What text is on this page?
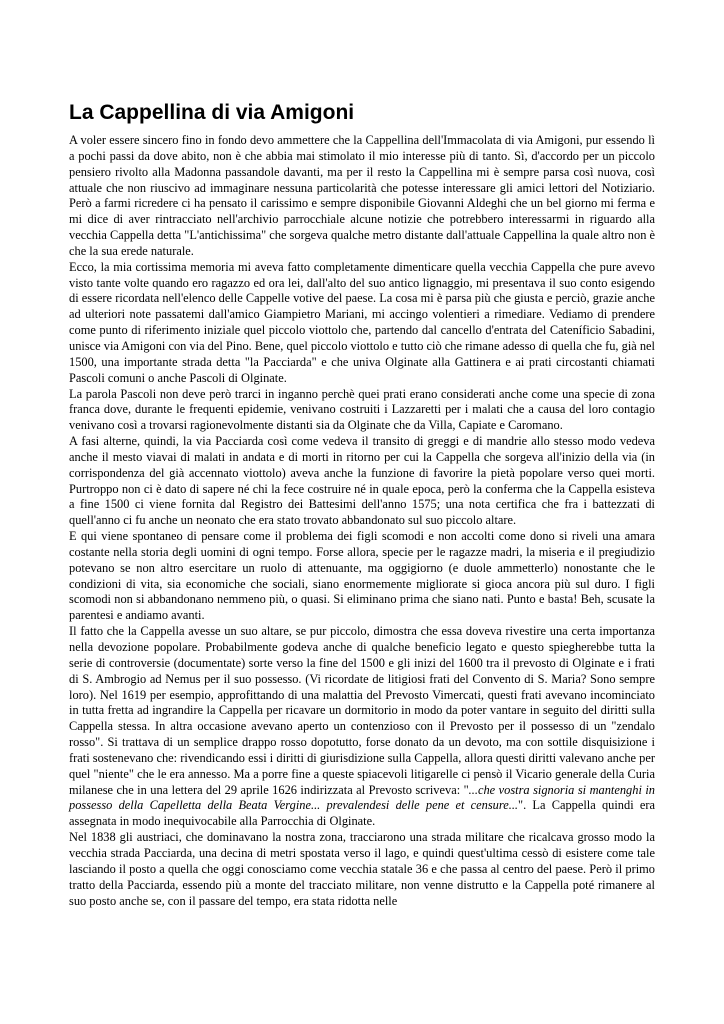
La Cappellina di via Amigoni

A voler essere sincero fino in fondo devo ammettere che la Cappellina dell'Immacolata di via Amigoni, pur essendo lì a pochi passi da dove abito, non è che abbia mai stimolato il mio interesse più di tanto. Sì, d'accordo per un piccolo pensiero rivolto alla Madonna passandole davanti, ma per il resto la Cappellina mi è sempre parsa così nuova, così attuale che non riuscivo ad immaginare nessuna particolarità che potesse interessare gli amici lettori del Notiziario. Però a farmi ricredere ci ha pensato il carissimo e sempre disponibile Giovanni Aldeghi che un bel giorno mi ferma e mi dice di aver rintracciato nell'archivio parrocchiale alcune notizie che potrebbero interessarmi in riguardo alla vecchia Cappella detta "L'antichissima" che sorgeva qualche metro distante dall'attuale Cappellina la quale altro non è che la sua erede naturale.

Ecco, la mia cortissima memoria mi aveva fatto completamente dimenticare quella vecchia Cappella che pure avevo visto tante volte quando ero ragazzo ed ora lei, dall'alto del suo antico lignaggio, mi presentava il suo conto esigendo di essere ricordata nell'elenco delle Cappelle votive del paese. La cosa mi è parsa più che giusta e perciò, grazie anche ad ulteriori note passatemi dall'amico Giampietro Mariani, mi accingo volentieri a rimediare. Vediamo di prendere come punto di riferimento iniziale quel piccolo viottolo che, partendo dal cancello d'entrata del Cateníficio Sabadini, unisce via Amigoni con via del Pino. Bene, quel piccolo viottolo e tutto ciò che rimane adesso di quella che fu, già nel 1500, una importante strada detta "la Pacciarda" e che univa Olginate alla Gattinera e ai prati circostanti chiamati Pascoli comuni o anche Pascoli di Olginate.

La parola Pascoli non deve però trarci in inganno perchè quei prati erano considerati anche come una specie di zona franca dove, durante le frequenti epidemie, venivano costruiti i Lazzaretti per i malati che a causa del loro contagio venivano così a trovarsi ragionevolmente distanti sia da Olginate che da Villa, Capiate e Caromano.

A fasi alterne, quindi, la via Pacciarda così come vedeva il transito di greggi e di mandrie allo stesso modo vedeva anche il mesto viavai di malati in andata e di morti in ritorno per cui la Cappella che sorgeva all'inizio della via (in corrispondenza del già accennato viottolo) aveva anche la funzione di favorire la pietà popolare verso quei morti. Purtroppo non ci è dato di sapere né chi la fece costruire né in quale epoca, però la conferma che la Cappella esisteva a fine 1500 ci viene fornita dal Registro dei Battesimi dell'anno 1575; una nota certifica che fra i battezzati di quell'anno ci fu anche un neonato che era stato trovato abbandonato sul suo piccolo altare.

E qui viene spontaneo di pensare come il problema dei figli scomodi e non accolti come dono si riveli una amara costante nella storia degli uomini di ogni tempo. Forse allora, specie per le ragazze madri, la miseria e il pregiudizio potevano se non altro esercitare un ruolo di attenuante, ma oggigiorno (e duole ammetterlo) nonostante che le condizioni di vita, sia economiche che sociali, siano enormemente migliorate si gioca ancora più sul duro. I figli scomodi non si abbandonano nemmeno più, o quasi. Si eliminano prima che siano nati. Punto e basta! Beh, scusate la parentesi e andiamo avanti.

Il fatto che la Cappella avesse un suo altare, se pur piccolo, dimostra che essa doveva rivestire una certa importanza nella devozione popolare. Probabilmente godeva anche di qualche beneficio legato e questo spiegherebbe tutta la serie di controversie (documentate) sorte verso la fine del 1500 e gli inizi del 1600 tra il prevosto di Olginate e i frati di S. Ambrogio ad Nemus per il suo possesso. (Vi ricordate de litigiosi frati del Convento di S. Maria? Sono sempre loro). Nel 1619 per esempio, approfittando di una malattia del Prevosto Vimercati, questi frati avevano incominciato in tutta fretta ad ingrandire la Cappella per ricavare un dormitorio in modo da poter vantare in seguito del diritti sulla Cappella stessa. In altra occasione avevano aperto un contenzioso con il Prevosto per il possesso di un "zendalo rosso". Si trattava di un semplice drappo rosso dopotutto, forse donato da un devoto, ma con sottile disquisizione i frati sostenevano che: rivendicando essi i diritti di giurisdizione sulla Cappella, allora questi diritti valevano anche per quel "niente" che le era annesso. Ma a porre fine a queste spiacevoli litigarelle ci pensò il Vicario generale della Curia milanese che in una lettera del 29 aprile 1626 indirizzata al Prevosto scriveva: "...che vostra signoria si mantenghi in possesso della Capelletta della Beata Vergine... prevalendesi delle pene et censure...". La Cappella quindi era assegnata in modo inequivocabile alla Parrocchia di Olginate.

Nel 1838 gli austriaci, che dominavano la nostra zona, tracciarono una strada militare che ricalcava grosso modo la vecchia strada Pacciarda, una decina di metri spostata verso il lago, e quindi quest'ultima cessò di esistere come tale lasciando il posto a quella che oggi conosciamo come vecchia statale 36 e che passa al centro del paese. Però il primo tratto della Pacciarda, essendo più a monte del tracciato militare, non venne distrutto e la Cappella poté rimanere al suo posto anche se, con il passare del tempo, era stata ridotta nelle
